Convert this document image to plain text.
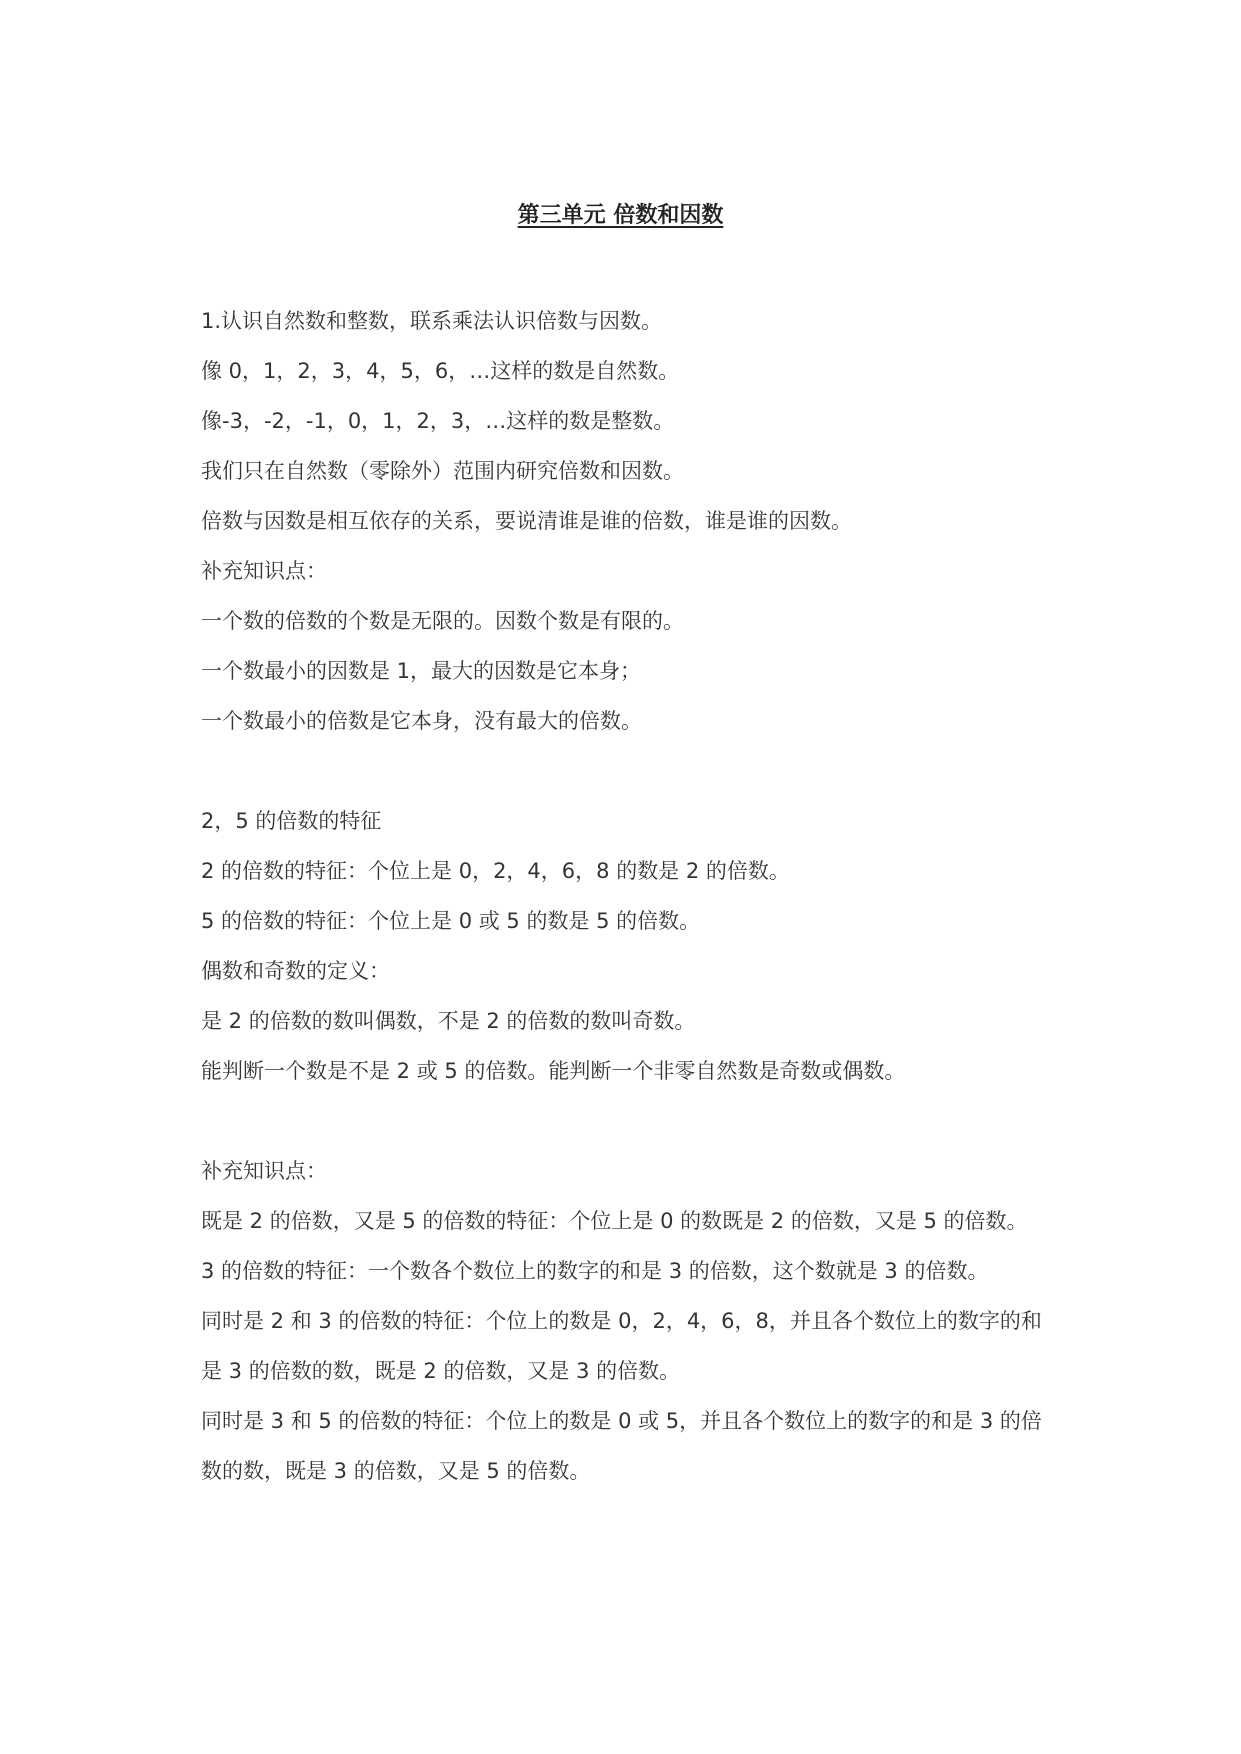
第三单元 倍数和因数

1.认识自然数和整数，联系乘法认识倍数与因数。

像 0，1，2，3，4，5，6，…这样的数是自然数。

像-3，-2，-1，0，1，2，3，…这样的数是整数。

我们只在自然数（零除外）范围内研究倍数和因数。

倍数与因数是相互依存的关系，要说清谁是谁的倍数，谁是谁的因数。

补充知识点：

一个数的倍数的个数是无限的。因数个数是有限的。

一个数最小的因数是 1，最大的因数是它本身；

一个数最小的倍数是它本身，没有最大的倍数。

2，5 的倍数的特征

2 的倍数的特征：个位上是 0，2，4，6，8 的数是 2 的倍数。

5 的倍数的特征：个位上是 0 或 5 的数是 5 的倍数。

偶数和奇数的定义：

是 2 的倍数的数叫偶数，不是 2 的倍数的数叫奇数。

能判断一个数是不是 2 或 5 的倍数。能判断一个非零自然数是奇数或偶数。

补充知识点：

既是 2 的倍数，又是 5 的倍数的特征：个位上是 0 的数既是 2 的倍数，又是 5 的倍数。

3 的倍数的特征：一个数各个数位上的数字的和是 3 的倍数，这个数就是 3 的倍数。

同时是 2 和 3 的倍数的特征：个位上的数是 0，2，4，6，8，并且各个数位上的数字的和是 3 的倍数的数，既是 2 的倍数，又是 3 的倍数。

同时是 3 和 5 的倍数的特征：个位上的数是 0 或 5，并且各个数位上的数字的和是 3 的倍数的数，既是 3 的倍数，又是 5 的倍数。
